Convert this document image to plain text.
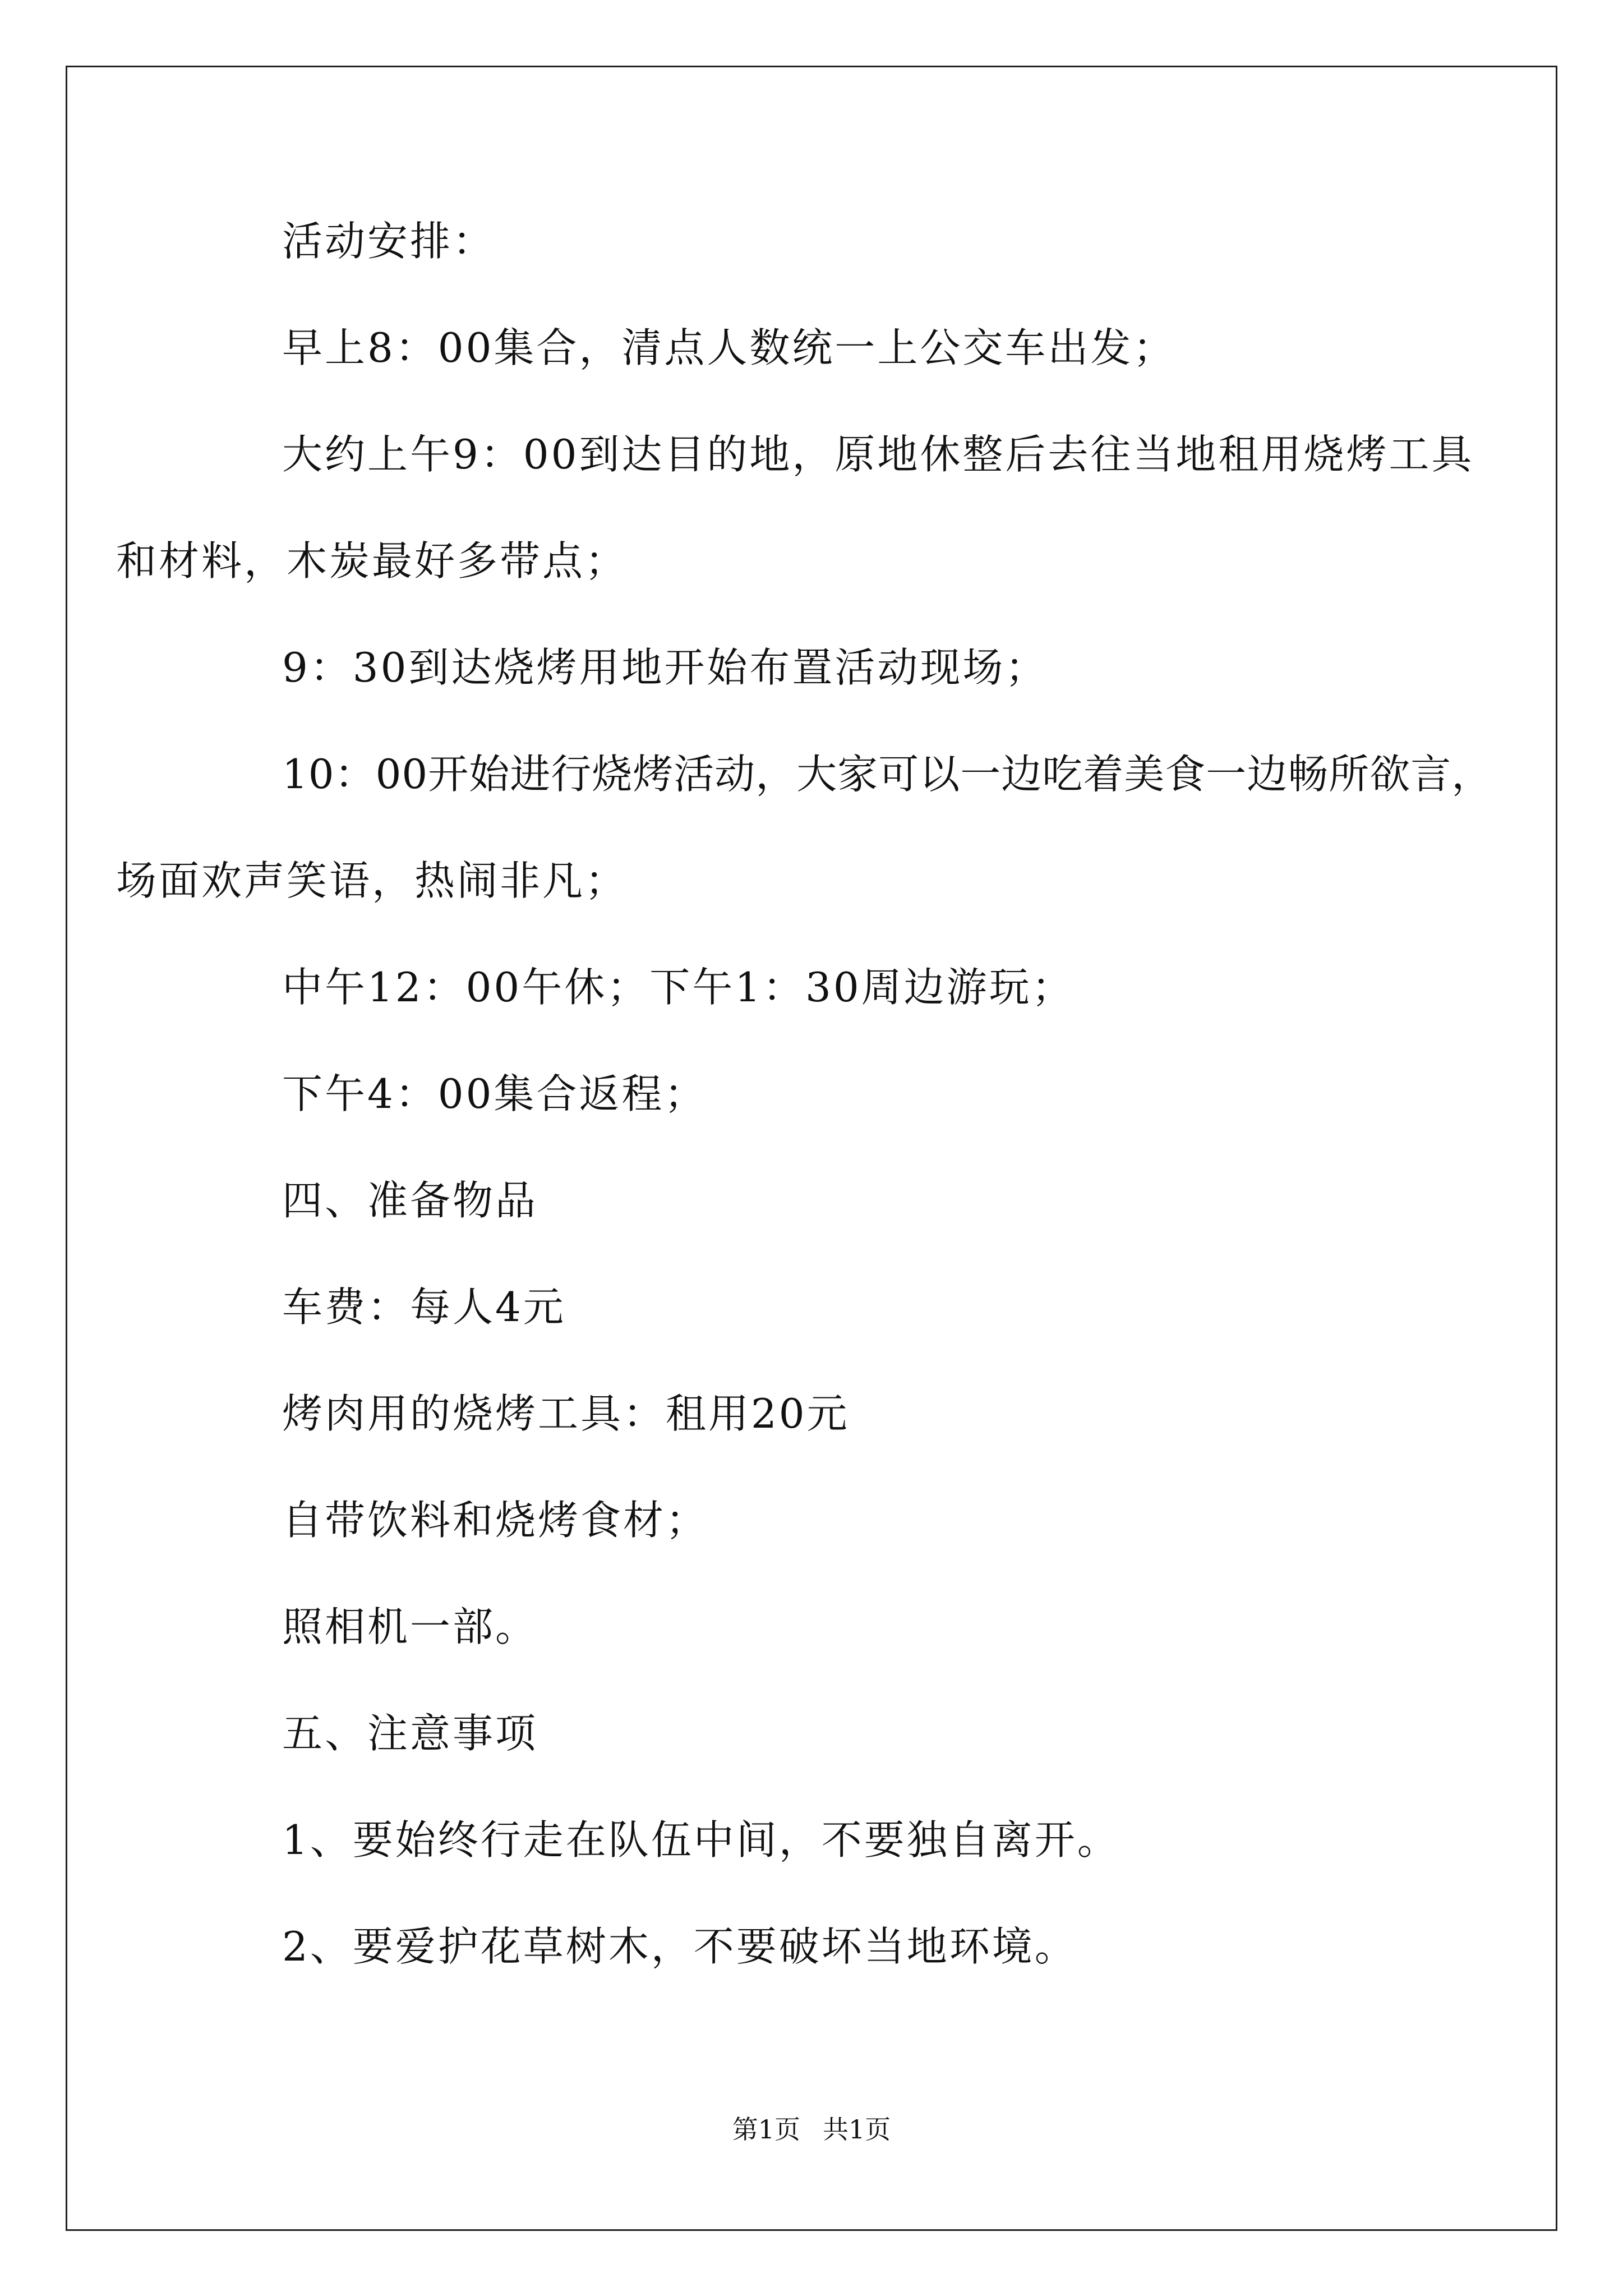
活动安排：

早上8：00集合，清点人数统一上公交车出发；

大约上午9：00到达目的地，原地休整后去往当地租用烧烤工具

和材料，木炭最好多带点；

9：30到达烧烤用地开始布置活动现场；

10：00开始进行烧烤活动，大家可以一边吃着美食一边畅所欲言，

场面欢声笑语，热闹非凡；

中午12：00午休；下午1：30周边游玩；

下午4：00集合返程；

四、准备物品

车费：每人4元

烤肉用的烧烤工具：租用20元

自带饮料和烧烤食材；

照相机一部。

五、注意事项

1、要始终行走在队伍中间，不要独自离开。

2、要爱护花草树木，不要破坏当地环境。

第1页 共1页
